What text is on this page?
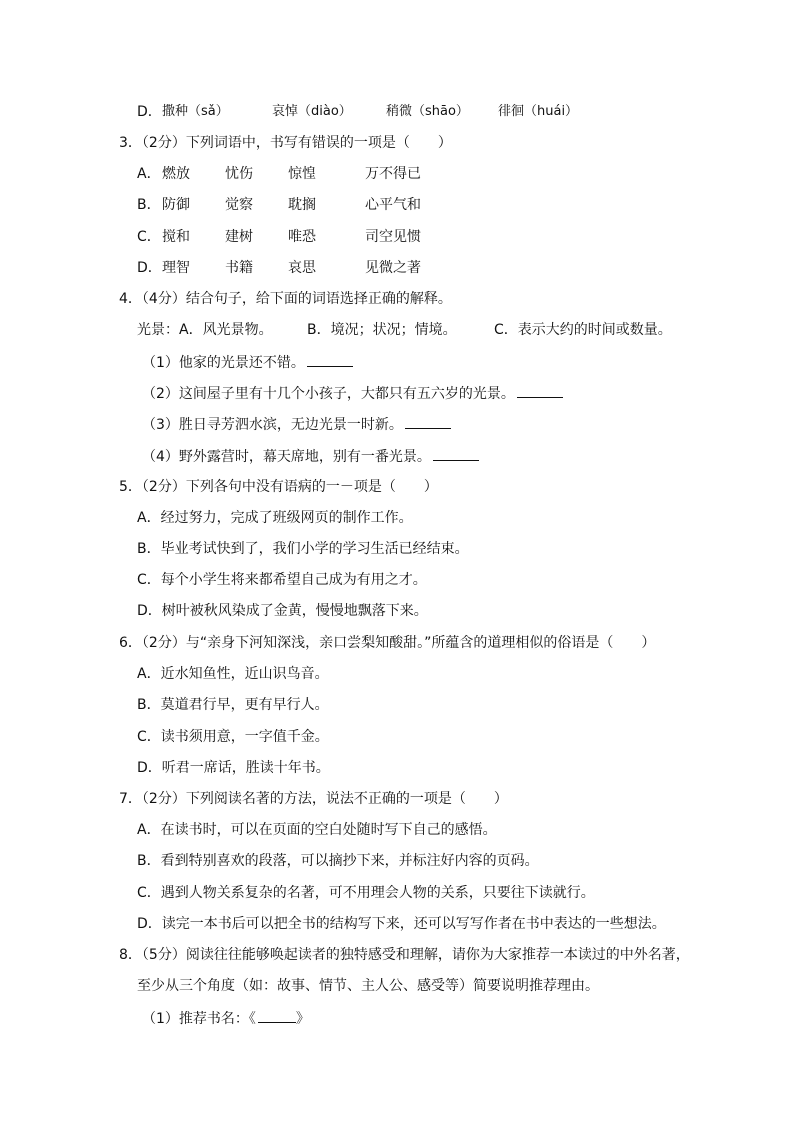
D． 撒种（sǎ）	哀悼（diào）	稍微（shāo） 徘徊（huái）
3．（2分）下列词语中，书写有错误的一项是（　　）
A． 燃放	忧伤	惊惶	万不得已
B． 防御	觉察	耽搁	心平气和
C． 搅和	建树	唯恐	司空见惯
D． 理智	书籍	哀思	见微之著
4．（4分）结合句子，给下面的词语选择正确的解释。
光景：A．风光景物。 B．境况；状况；情境。	C．表示大约的时间或数量。
（1）他家的光景还不错。
（2）这间屋子里有十几个小孩子，大都只有五六岁的光景。
（3）胜日寻芳泗水滨，无边光景一时新。
（4）野外露营时，幕天席地，别有一番光景。
5．（2分）下列各句中没有语病的一－项是（　　）
A．经过努力，完成了班级网页的制作工作。
B．毕业考试快到了，我们小学的学习生活已经结束。
C．每个小学生将来都希望自己成为有用之才。
D．树叶被秋风染成了金黄，慢慢地飘落下来。
6．（2分）与“亲身下河知深浅，亲口尝梨知酸甜。”所蕴含的道理相似的俗语是（　　）
A．近水知鱼性，近山识鸟音。
B．莫道君行早，更有早行人。
C．读书须用意，一字值千金。
D．听君一席话，胜读十年书。
7．（2分）下列阅读名著的方法，说法不正确的一项是（　　）
A．在读书时，可以在页面的空白处随时写下自己的感悟。
B．看到特别喜欢的段落，可以摘抄下来，并标注好内容的页码。
C．遇到人物关系复杂的名著，可不用理会人物的关系，只要往下读就行。
D．读完一本书后可以把全书的结构写下来，还可以写写作者在书中表达的一些想法。
8．（5分）阅读往往能够唤起读者的独特感受和理解，请你为大家推荐一本读过的中外名著，
至少从三个角度（如：故事、情节、主人公、感受等）简要说明推荐理由。
（1）推荐书名：《	》
